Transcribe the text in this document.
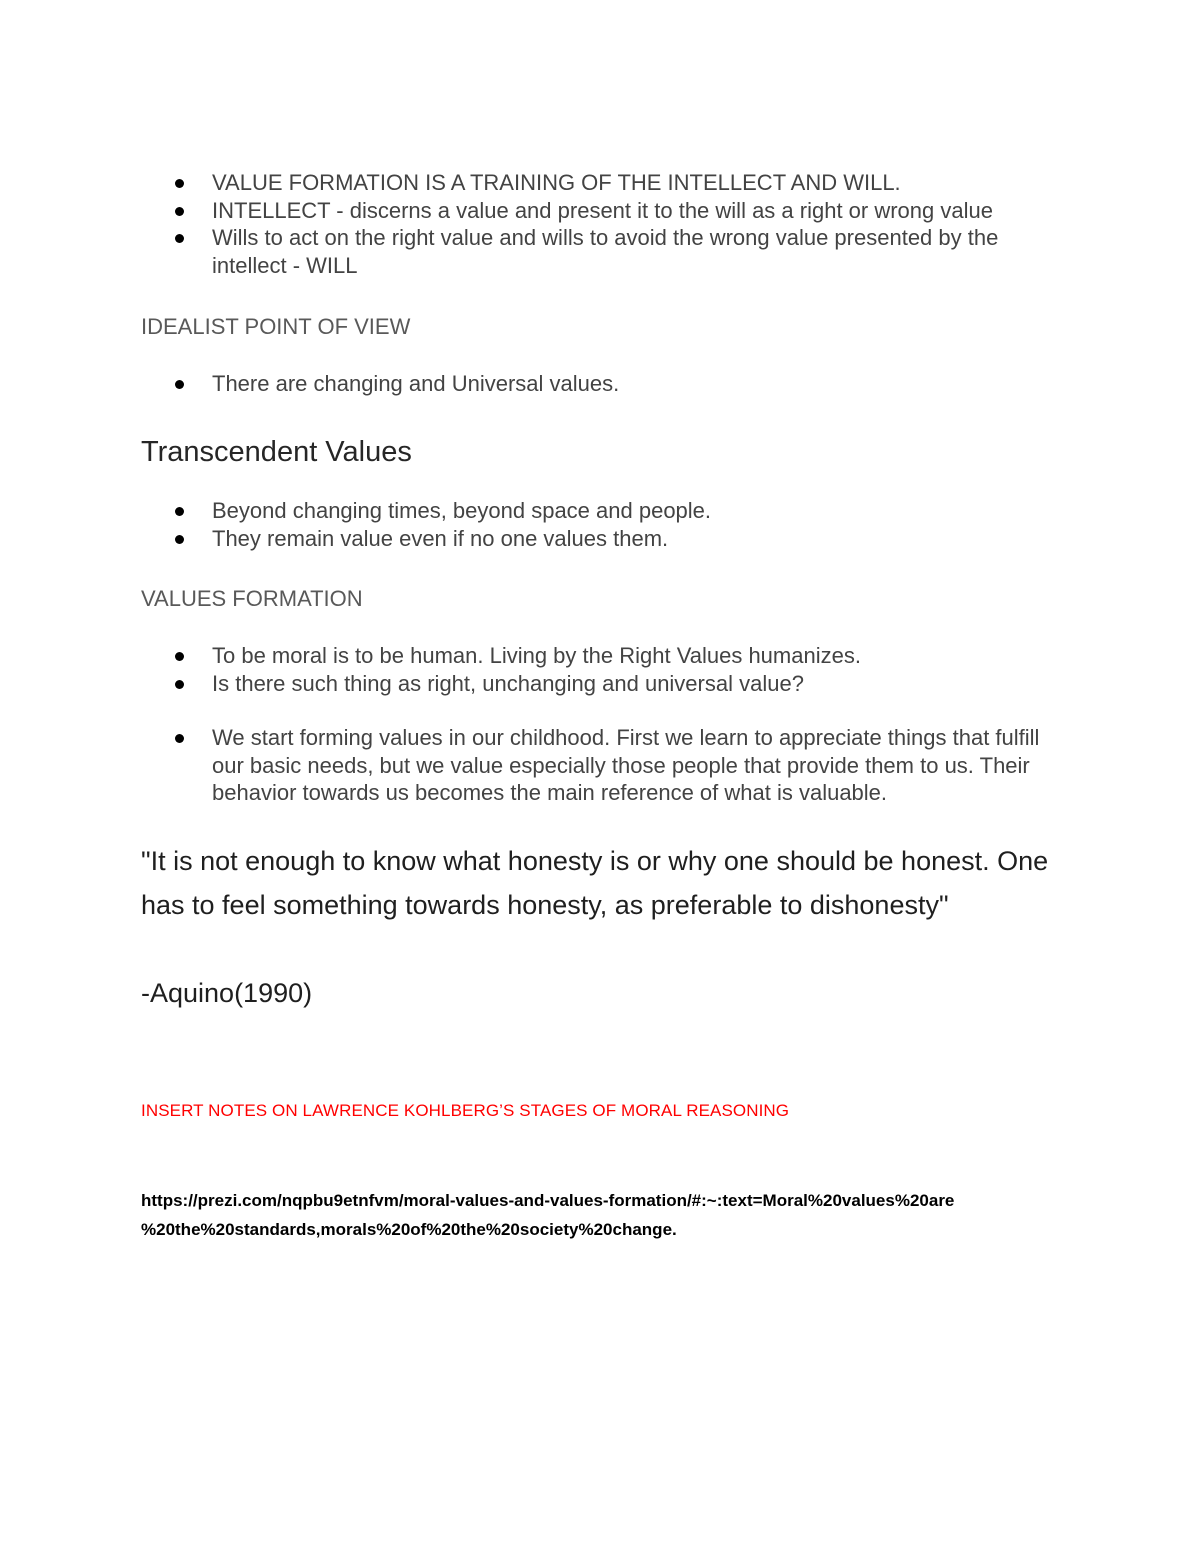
VALUE FORMATION IS A TRAINING OF THE INTELLECT AND WILL.
INTELLECT - discerns a value and present it to the will as a right or wrong value
Wills to act on the right value and wills to avoid the wrong value presented by the intellect - WILL
IDEALIST POINT OF VIEW
There are changing and Universal values.
Transcendent Values
Beyond changing times, beyond space and people.
They remain value even if no one values them.
VALUES FORMATION
To be moral is to be human. Living by the Right Values humanizes.
Is there such thing as right, unchanging and universal value?
We start forming values in our childhood. First we learn to appreciate things that fulfill our basic needs, but we value especially those people that provide them to us. Their behavior towards us becomes the main reference of what is valuable.
"It is not enough to know what honesty is or why one should be honest. One has to feel something towards honesty, as preferable to dishonesty"
-Aquino(1990)
INSERT NOTES ON LAWRENCE KOHLBERG’S STAGES OF MORAL REASONING
https://prezi.com/nqpbu9etnfvm/moral-values-and-values-formation/#:~:text=Moral%20values%20are
%20the%20standards,morals%20of%20the%20society%20change.
